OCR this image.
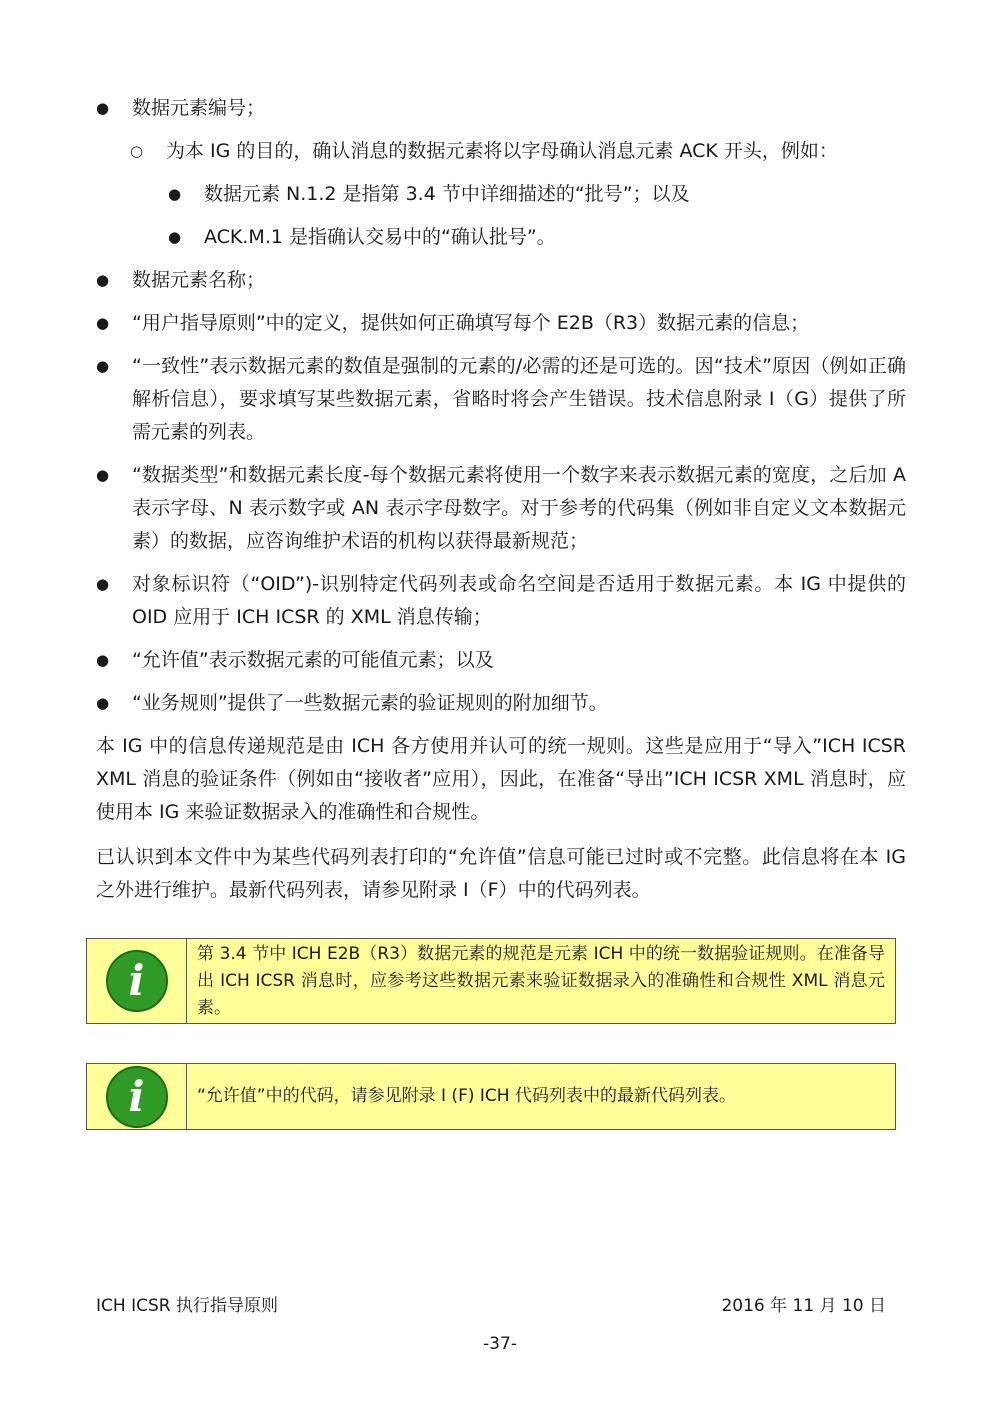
●	数据元素编号；
○ 为本 IG 的目的，确认消息的数据元素将以字母确认消息元素 ACK 开头，例如：
● 数据元素 N.1.2 是指第 3.4 节中详细描述的“批号”；以及
● ACK.M.1 是指确认交易中的“确认批号”。
●	数据元素名称；
●	“用户指导原则”中的定义，提供如何正确填写每个 E2B（R3）数据元素的信息；
●	“一致性”表示数据元素的数值是强制的元素的/必需的还是可选的。因“技术”原因（例如正确解析信息），要求填写某些数据元素，省略时将会产生错误。技术信息附录 I（G）提供了所需元素的列表。
●	“数据类型”和数据元素长度-每个数据元素将使用一个数字来表示数据元素的宽度，之后加 A 表示字母、N 表示数字或 AN 表示字母数字。对于参考的代码集（例如非自定义文本数据元素）的数据，应咨询维护术语的机构以获得最新规范；
●	对象标识符（“OID”)-识别特定代码列表或命名空间是否适用于数据元素。本 IG 中提供的 OID 应用于 ICH ICSR 的 XML 消息传输；
●	“允许值”表示数据元素的可能值元素；以及
●	“业务规则”提供了一些数据元素的验证规则的附加细节。

本 IG 中的信息传递规范是由 ICH 各方使用并认可的统一规则。这些是应用于“导入”ICH ICSR XML 消息的验证条件（例如由“接收者”应用），因此，在准备“导出”ICH ICSR XML 消息时，应使用本 IG 来验证数据录入的准确性和合规性。

已认识到本文件中为某些代码列表打印的“允许值”信息可能已过时或不完整。此信息将在本 IG 之外进行维护。最新代码列表，请参见附录 I（F）中的代码列表。

i
第 3.4 节中 ICH E2B（R3）数据元素的规范是元素 ICH 中的统一数据验证规则。在准备导出 ICH ICSR 消息时，应参考这些数据元素来验证数据录入的准确性和合规性 XML 消息元素。
i	“允许值”中的代码，请参见附录 I (F) ICH 代码列表中的最新代码列表。
ICH ICSR 执行指导原则	2016 年 11 月 10 日
-37-
